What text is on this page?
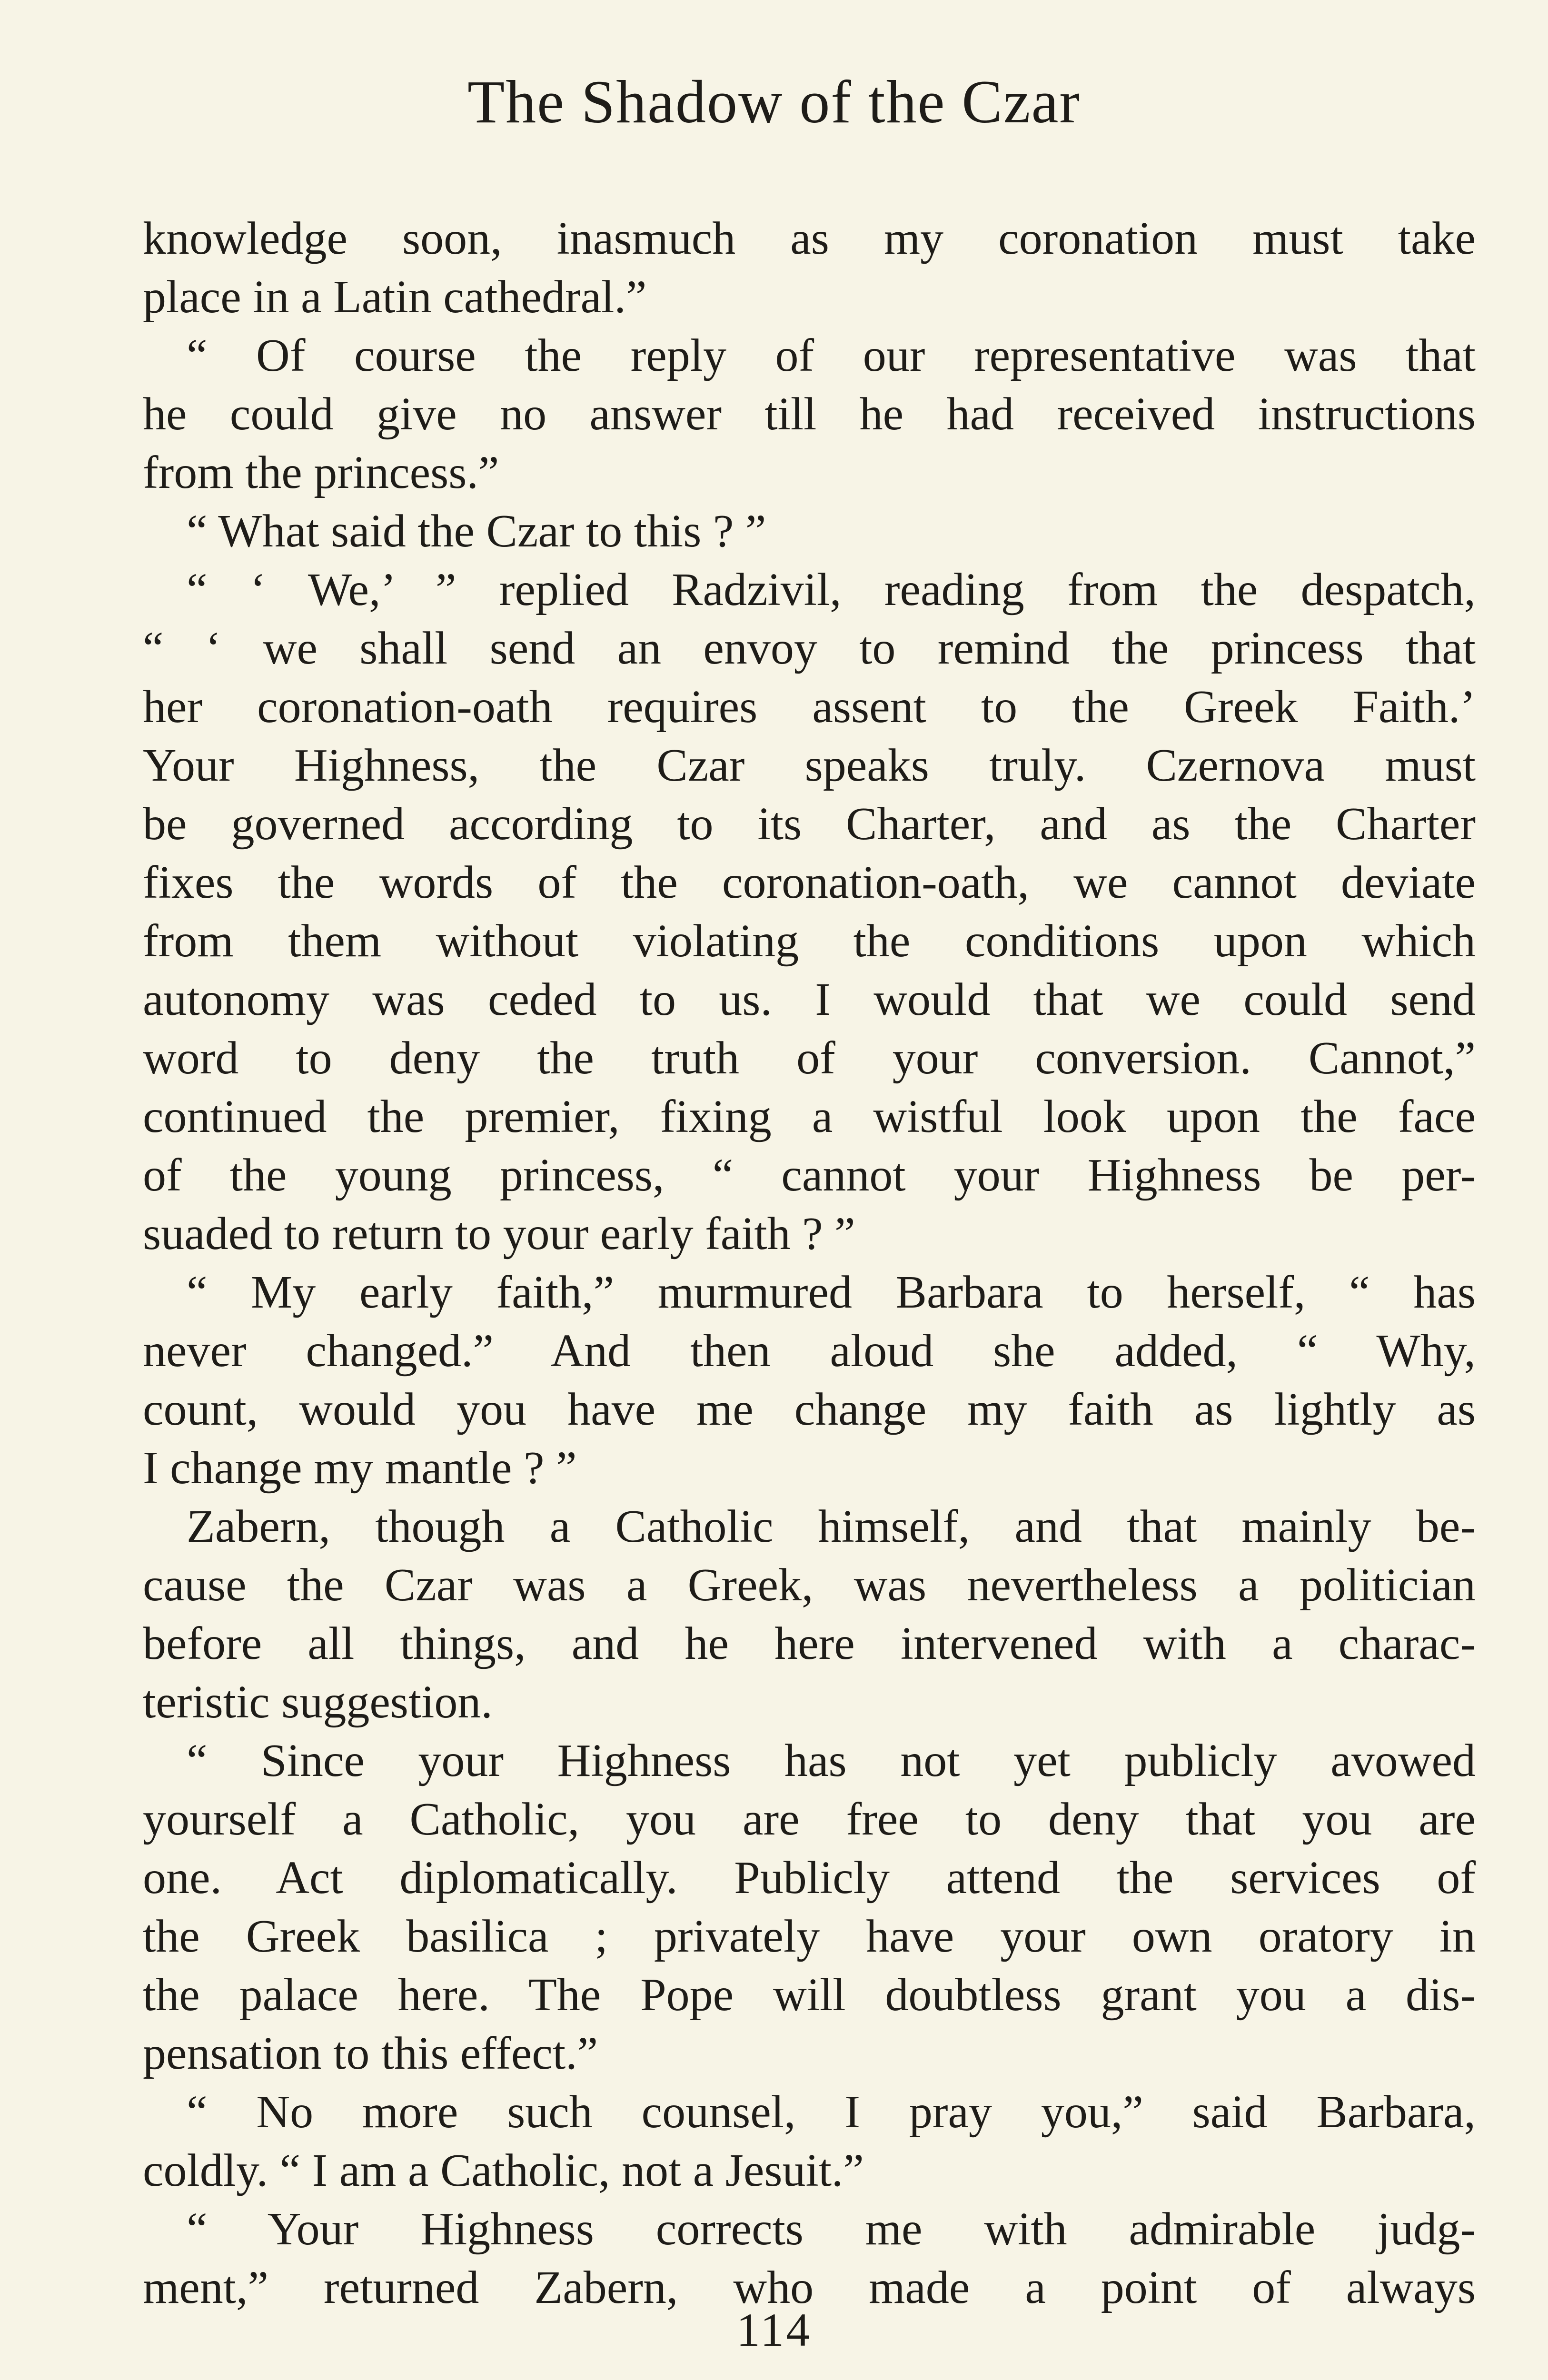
The Shadow of the Czar
knowledge soon, inasmuch as my coronation must take
place in a Latin cathedral.”
“ Of course the reply of our representative was that
he could give no answer till he had received instructions
from the princess.”
“ What said the Czar to this ? ”
“ ‘ We,’ ” replied Radzivil, reading from the despatch,
“ ‘ we shall send an envoy to remind the princess that
her coronation-oath requires assent to the Greek Faith.’
Your Highness, the Czar speaks truly. Czernova must
be governed according to its Charter, and as the Charter
fixes the words of the coronation-oath, we cannot deviate
from them without violating the conditions upon which
autonomy was ceded to us. I would that we could send
word to deny the truth of your conversion. Cannot,”
continued the premier, fixing a wistful look upon the face
of the young princess, “ cannot your Highness be per-
suaded to return to your early faith ? ”
“ My early faith,” murmured Barbara to herself, “ has
never changed.” And then aloud she added, “ Why,
count, would you have me change my faith as lightly as
I change my mantle ? ”
Zabern, though a Catholic himself, and that mainly be-
cause the Czar was a Greek, was nevertheless a politician
before all things, and he here intervened with a charac-
teristic suggestion.
“ Since your Highness has not yet publicly avowed
yourself a Catholic, you are free to deny that you are
one. Act diplomatically. Publicly attend the services of
the Greek basilica ; privately have your own oratory in
the palace here. The Pope will doubtless grant you a dis-
pensation to this effect.”
“ No more such counsel, I pray you,” said Barbara,
coldly. “ I am a Catholic, not a Jesuit.”
“ Your Highness corrects me with admirable judg-
ment,” returned Zabern, who made a point of always
114
